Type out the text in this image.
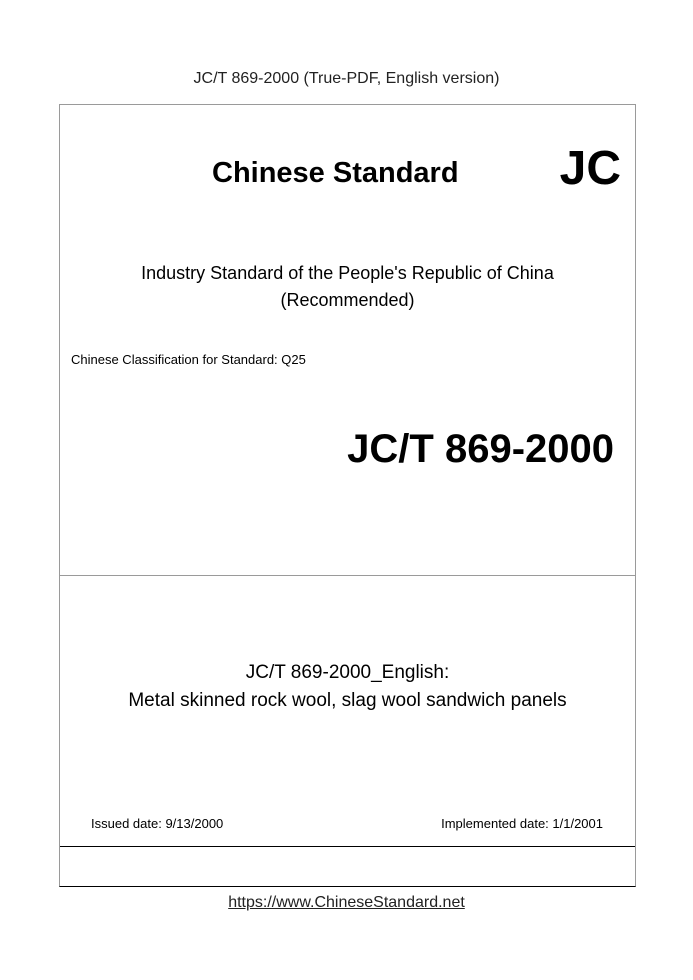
JC/T 869-2000 (True-PDF, English version)
Chinese Standard JC
Industry Standard of the People's Republic of China
(Recommended)
Chinese Classification for Standard: Q25
JC/T 869-2000
JC/T 869-2000_English:
Metal skinned rock wool, slag wool sandwich panels
Issued date: 9/13/2000	Implemented date: 1/1/2001
https://www.ChineseStandard.net
